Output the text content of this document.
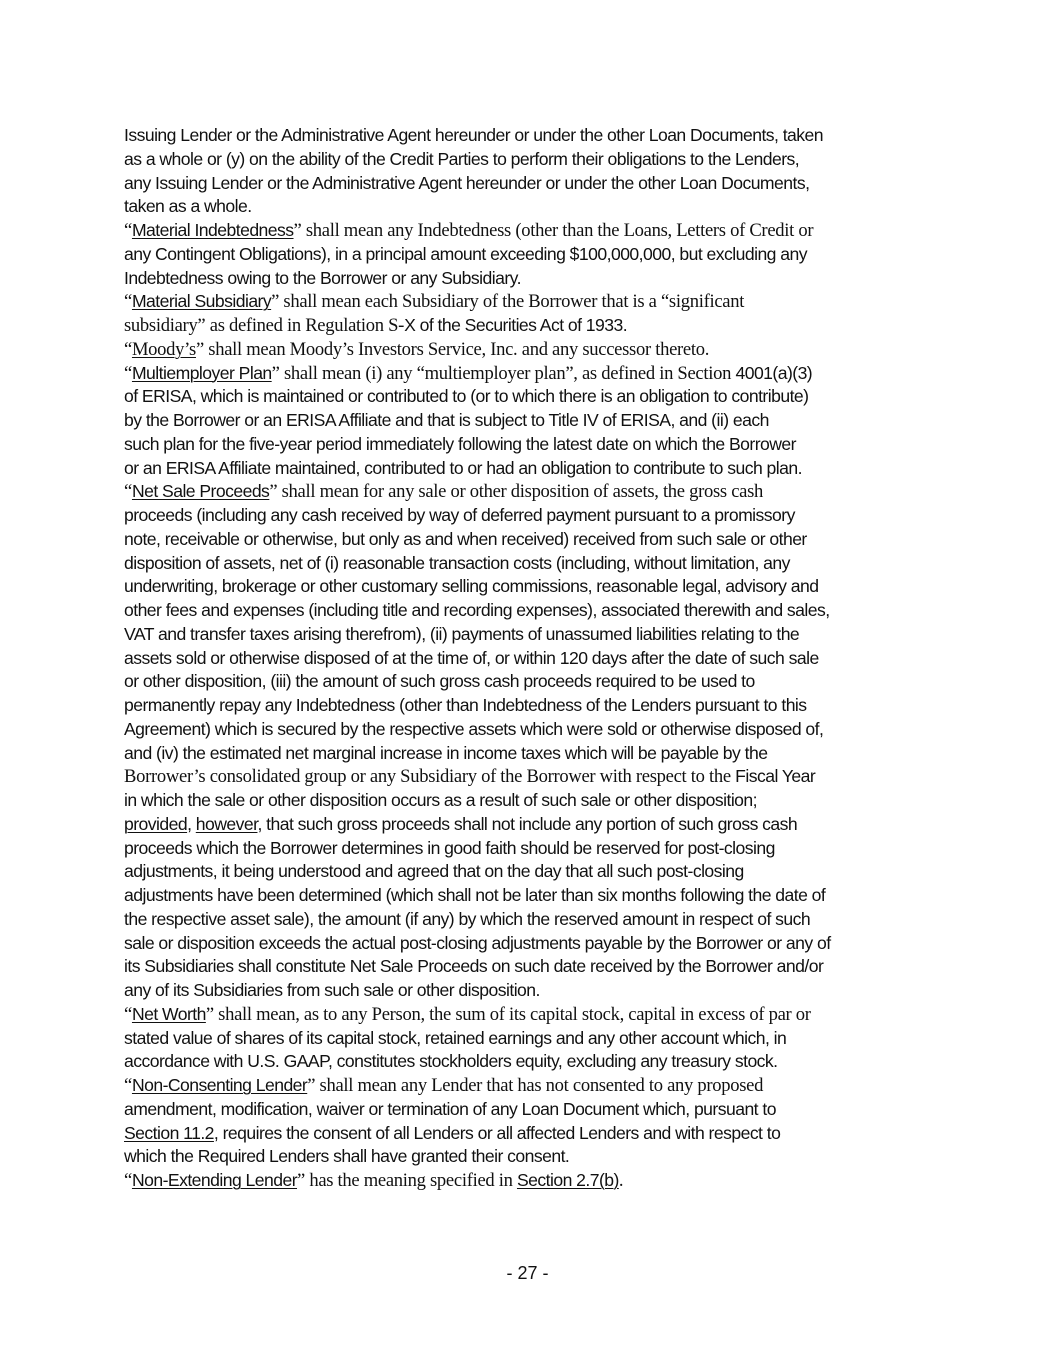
Issuing Lender or the Administrative Agent hereunder or under the other Loan Documents, taken
as a whole or (y) on the ability of the Credit Parties to perform their obligations to the Lenders,
any Issuing Lender or the Administrative Agent hereunder or under the other Loan Documents,
taken as a whole.
“Material Indebtedness” shall mean any Indebtedness (other than the Loans, Letters of Credit or
any Contingent Obligations), in a principal amount exceeding $100,000,000, but excluding any
Indebtedness owing to the Borrower or any Subsidiary.
“Material Subsidiary” shall mean each Subsidiary of the Borrower that is a “significant
subsidiary” as defined in Regulation S-X of the Securities Act of 1933.
“Moody’s” shall mean Moody’s Investors Service, Inc. and any successor thereto.
“Multiemployer Plan” shall mean (i) any “multiemployer plan”, as defined in Section 4001(a)(3)
of ERISA, which is maintained or contributed to (or to which there is an obligation to contribute)
by the Borrower or an ERISA Affiliate and that is subject to Title IV of ERISA, and (ii) each
such plan for the five-year period immediately following the latest date on which the Borrower
or an ERISA Affiliate maintained, contributed to or had an obligation to contribute to such plan.
“Net Sale Proceeds” shall mean for any sale or other disposition of assets, the gross cash
proceeds (including any cash received by way of deferred payment pursuant to a promissory
note, receivable or otherwise, but only as and when received) received from such sale or other
disposition of assets, net of (i) reasonable transaction costs (including, without limitation, any
underwriting, brokerage or other customary selling commissions, reasonable legal, advisory and
other fees and expenses (including title and recording expenses), associated therewith and sales,
VAT and transfer taxes arising therefrom), (ii) payments of unassumed liabilities relating to the
assets sold or otherwise disposed of at the time of, or within 120 days after the date of such sale
or other disposition, (iii) the amount of such gross cash proceeds required to be used to
permanently repay any Indebtedness (other than Indebtedness of the Lenders pursuant to this
Agreement) which is secured by the respective assets which were sold or otherwise disposed of,
and (iv) the estimated net marginal increase in income taxes which will be payable by the
Borrower’s consolidated group or any Subsidiary of the Borrower with respect to the Fiscal Year
in which the sale or other disposition occurs as a result of such sale or other disposition;
provided, however, that such gross proceeds shall not include any portion of such gross cash
proceeds which the Borrower determines in good faith should be reserved for post-closing
adjustments, it being understood and agreed that on the day that all such post-closing
adjustments have been determined (which shall not be later than six months following the date of
the respective asset sale), the amount (if any) by which the reserved amount in respect of such
sale or disposition exceeds the actual post-closing adjustments payable by the Borrower or any of
its Subsidiaries shall constitute Net Sale Proceeds on such date received by the Borrower and/or
any of its Subsidiaries from such sale or other disposition.
“Net Worth” shall mean, as to any Person, the sum of its capital stock, capital in excess of par or
stated value of shares of its capital stock, retained earnings and any other account which, in
accordance with U.S. GAAP, constitutes stockholders equity, excluding any treasury stock.
“Non-Consenting Lender” shall mean any Lender that has not consented to any proposed
amendment, modification, waiver or termination of any Loan Document which, pursuant to
Section 11.2, requires the consent of all Lenders or all affected Lenders and with respect to
which the Required Lenders shall have granted their consent.
“Non-Extending Lender” has the meaning specified in Section 2.7(b).
- 27 -
